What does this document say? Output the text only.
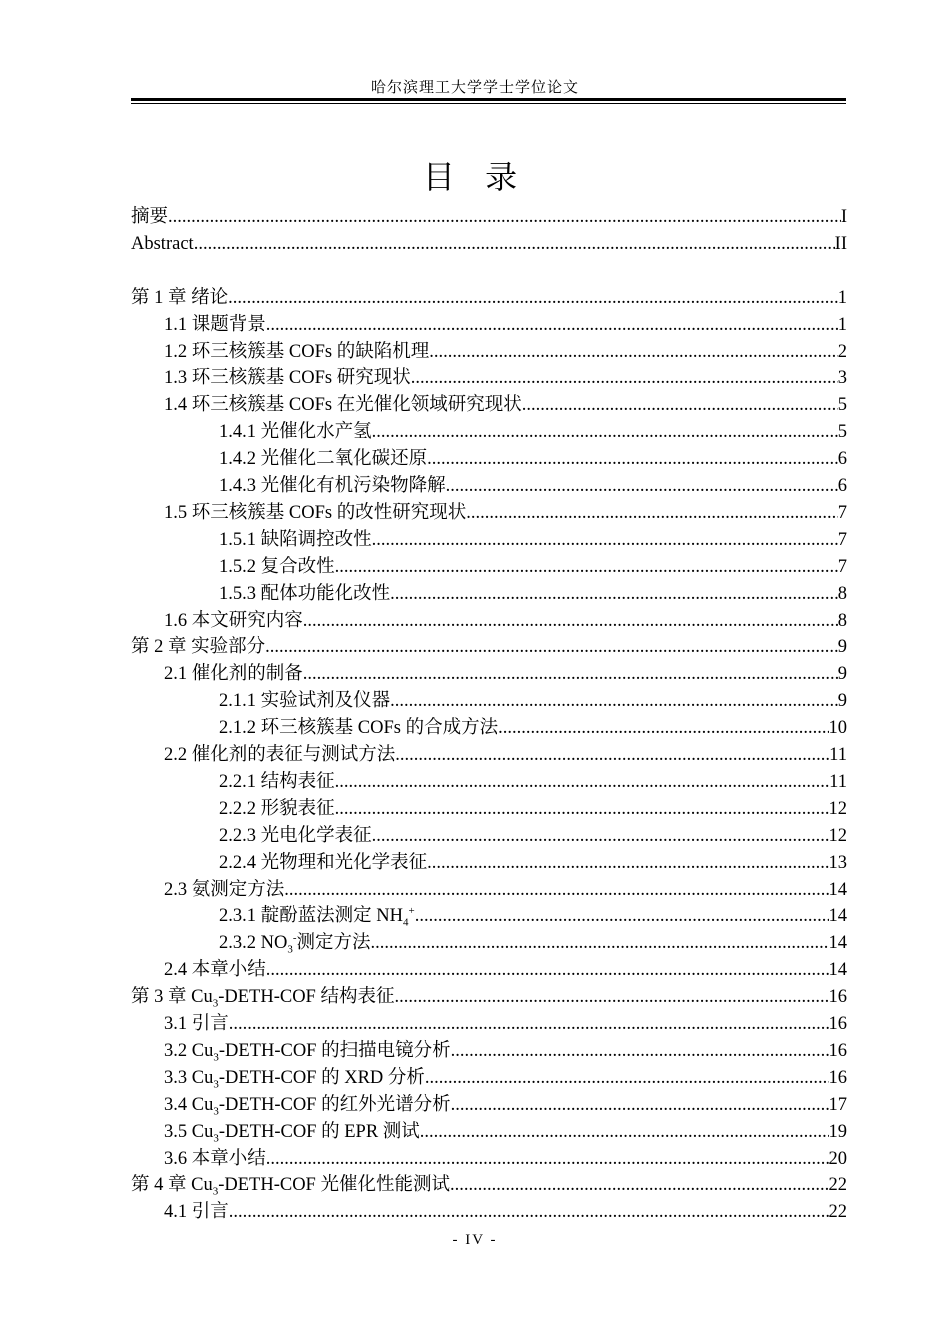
哈尔滨理工大学学士学位论文
目 录
摘要 .....	I
Abstract .....	II
第 1 章 绪论 .....	1
1.1 课题背景 .....	1
1.2 环三核簇基 COFs 的缺陷机理 .....	2
1.3 环三核簇基 COFs 研究现状 .....	3
1.4 环三核簇基 COFs 在光催化领域研究现状 .....	5
1.4.1 光催化水产氢 .....	5
1.4.2 光催化二氧化碳还原 .....	6
1.4.3 光催化有机污染物降解 .....	6
1.5 环三核簇基 COFs 的改性研究现状 .....	7
1.5.1 缺陷调控改性 .....	7
1.5.2 复合改性 .....	7
1.5.3 配体功能化改性 .....	8
1.6 本文研究内容 .....	8
第 2 章 实验部分 .....	9
2.1 催化剂的制备 .....	9
2.1.1 实验试剂及仪器 .....	9
2.1.2 环三核簇基 COFs 的合成方法 .....	10
2.2 催化剂的表征与测试方法 .....	11
2.2.1 结构表征 .....	11
2.2.2 形貌表征 .....	12
2.2.3 光电化学表征 .....	12
2.2.4 光物理和光化学表征 .....	13
2.3 氨测定方法 .....	14
2.3.1 靛酚蓝法测定 $NH_4^+$ .....	14
2.3.2 $NO_3^-$测定方法 .....	14
2.4 本章小结 .....	14
第 3 章 $Cu_3-DETH$-COF 结构表征 .....	16
3.1 引言 .....	16
3.2 $Cu_3-DETH$-COF 的扫描电镜分析 .....	16
3.3 $Cu_3-DETH$-COF 的 XRD 分析 .....	16
3.4 $Cu_3-DETH$-COF 的红外光谱分析 .....	17
3.5 $Cu_3-DETH$-COF 的 EPR 测试 .....	19
3.6 本章小结 .....	20
第 4 章 $Cu_3-DETH$-COF 光催化性能测试 .....	22
4.1 引言 .....	22
- IV -
